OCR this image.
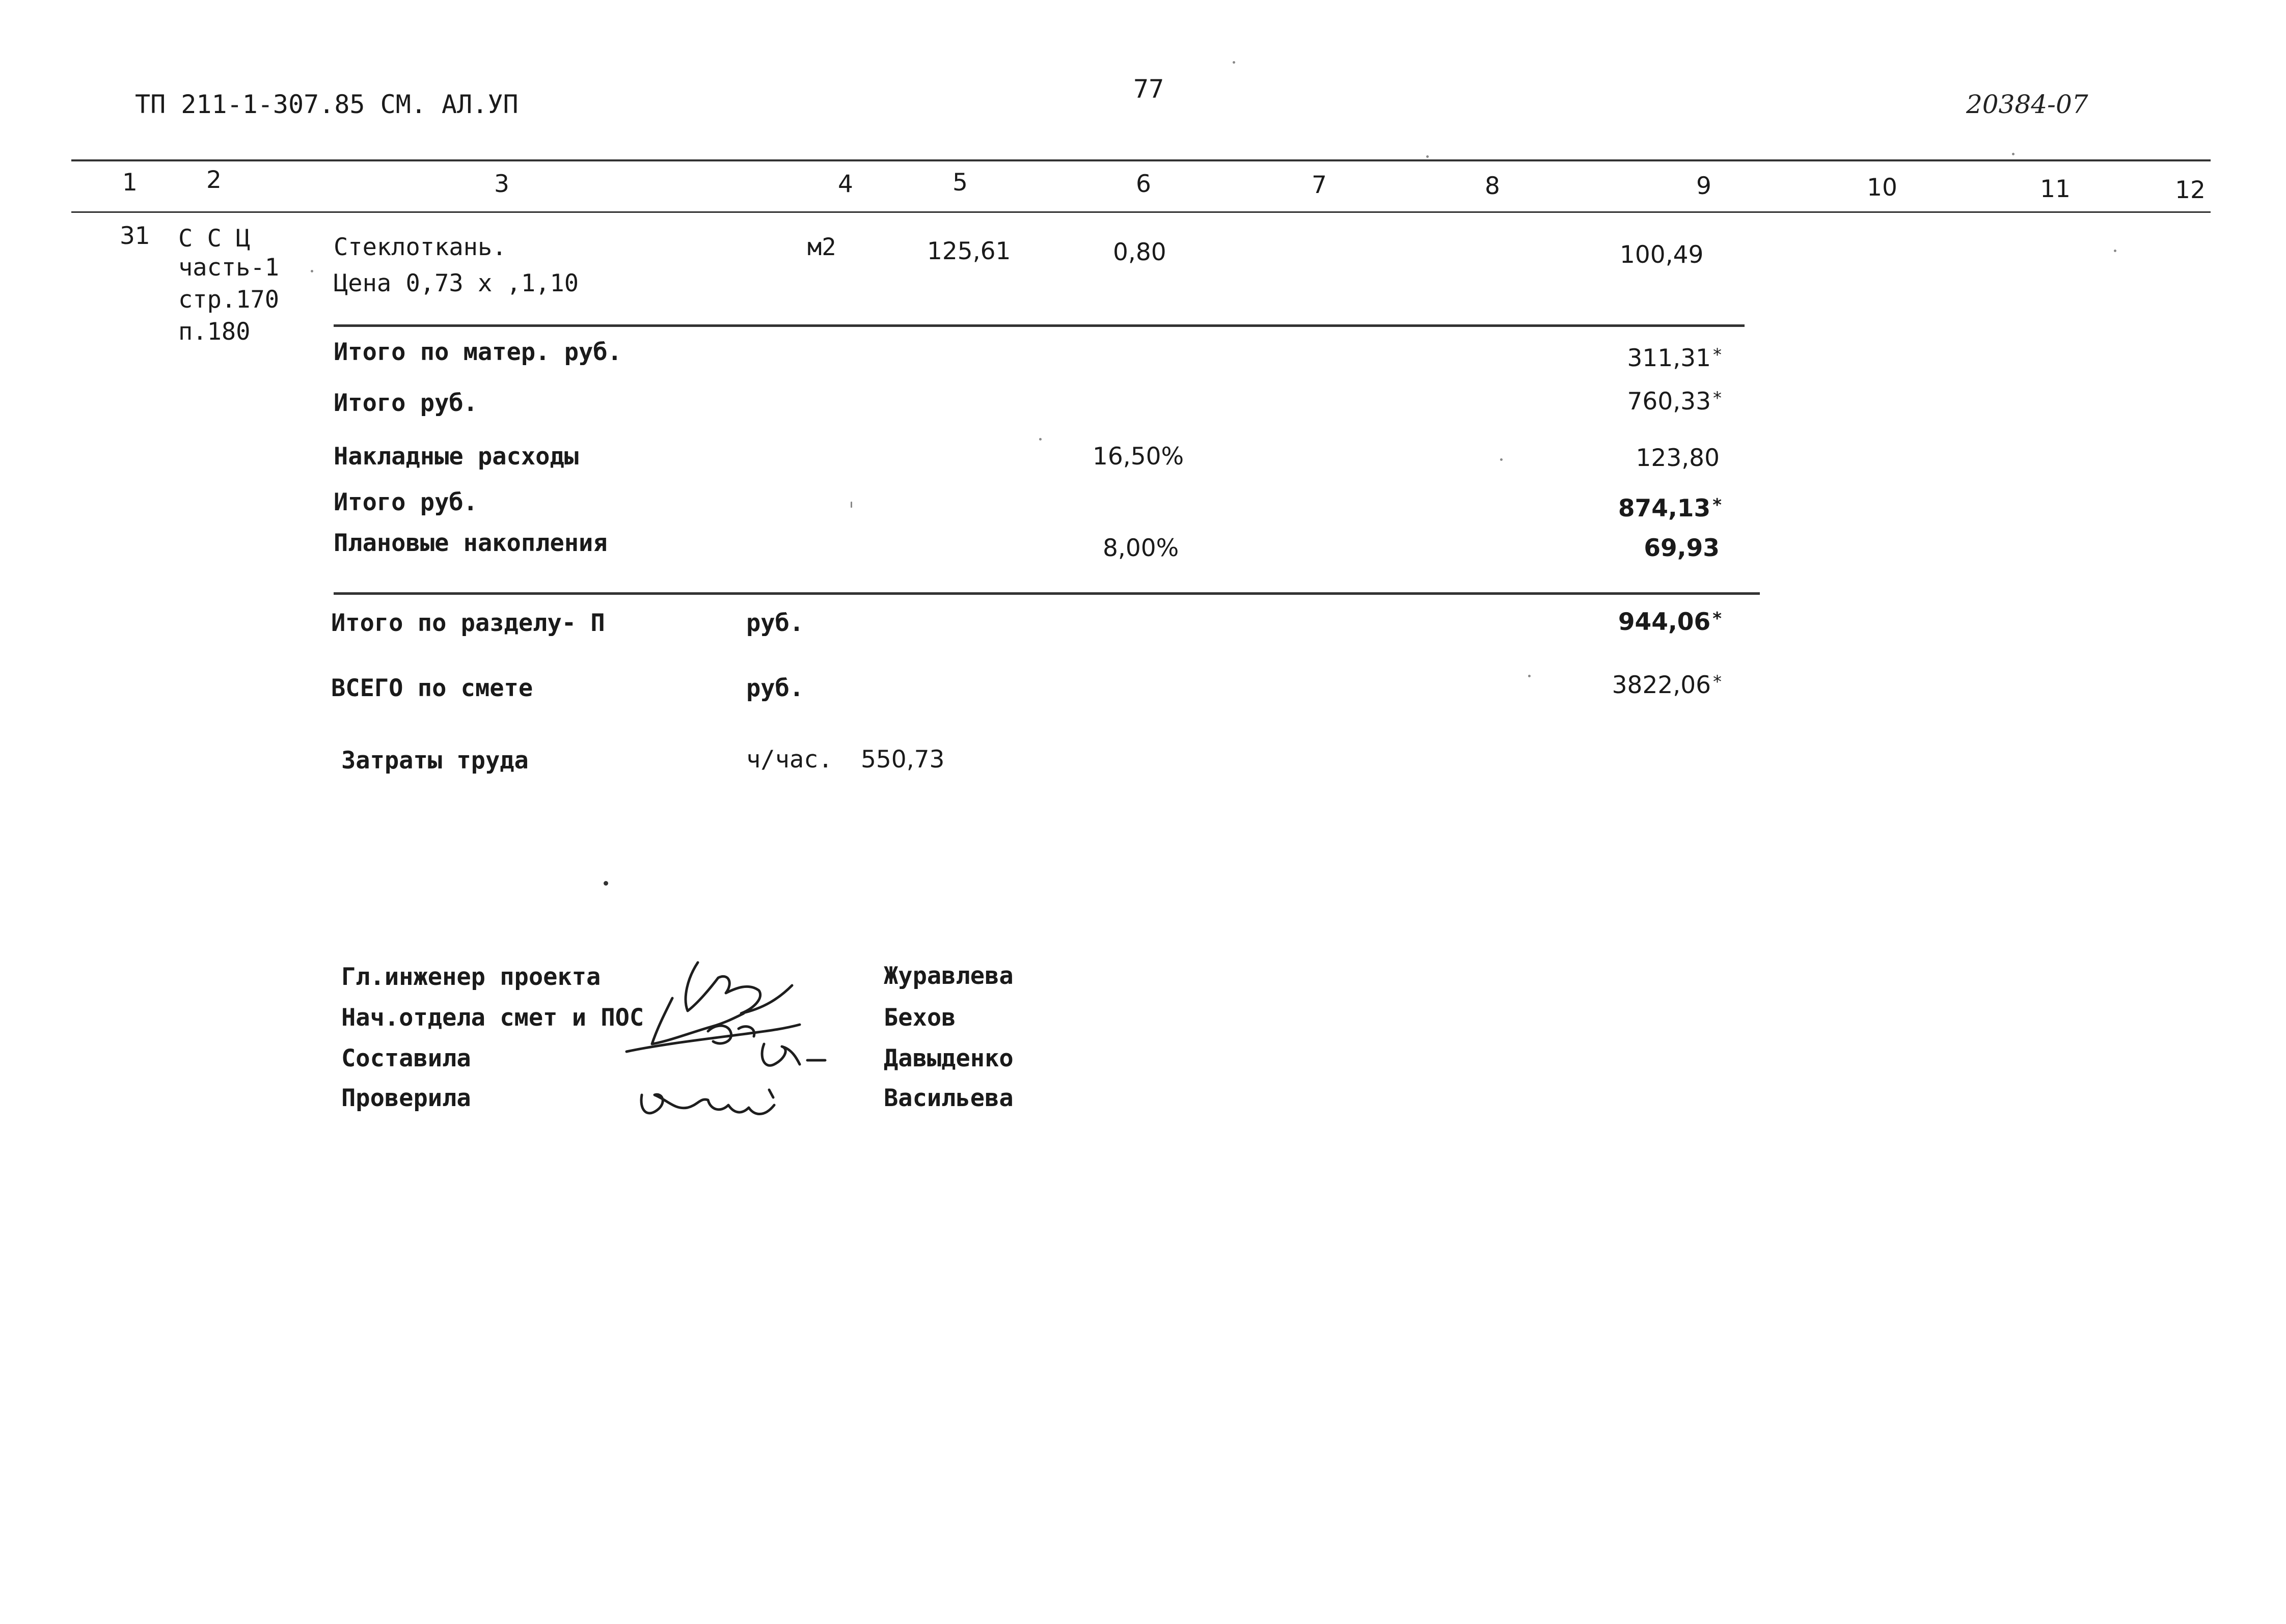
ТП 211-1-307.85 СМ. АЛ.УП
77
20384-07
1	2	3	4	5	6	7	8	9	10	11	12
31 С С Ц
часть-1
стр.170
п.180
Стеклоткань.
Цена 0,73 х ,1,10
м2	125,61	0,80	100,49
Итого по матер. руб.	311,31 *
Итого руб.	760,33 *
Накладные расходы	16,50%	123,80
Итого руб.	874,13 *
Плановые накопления	8,00%	69,93
Итого по разделу- П	руб.	944,06 *
ВСЕГО по смете	руб.	3822,06 *
Затраты труда	ч/час. 550,73
Гл.инженер проекта	Журавлева
Нач.отдела смет и ПОС	Бехов
Составила	Давыденко
Проверила	Васильева
